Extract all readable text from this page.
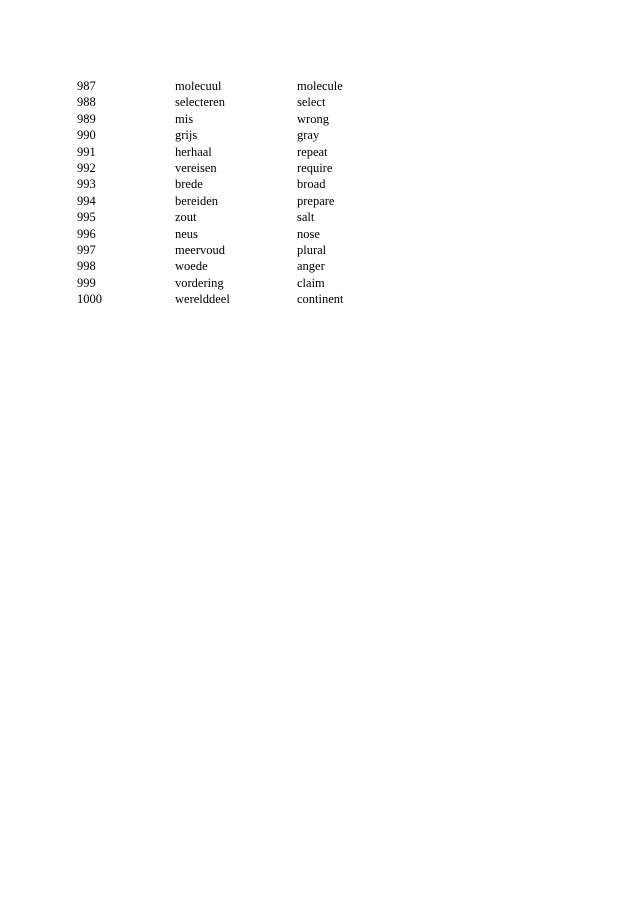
987	molecuul	molecule
988	selecteren	select
989	mis	wrong
990	grijs	gray
991	herhaal	repeat
992	vereisen	require
993	brede	broad
994	bereiden	prepare
995	zout	salt
996	neus	nose
997	meervoud	plural
998	woede	anger
999	vordering	claim
1000	werelddeel	continent
